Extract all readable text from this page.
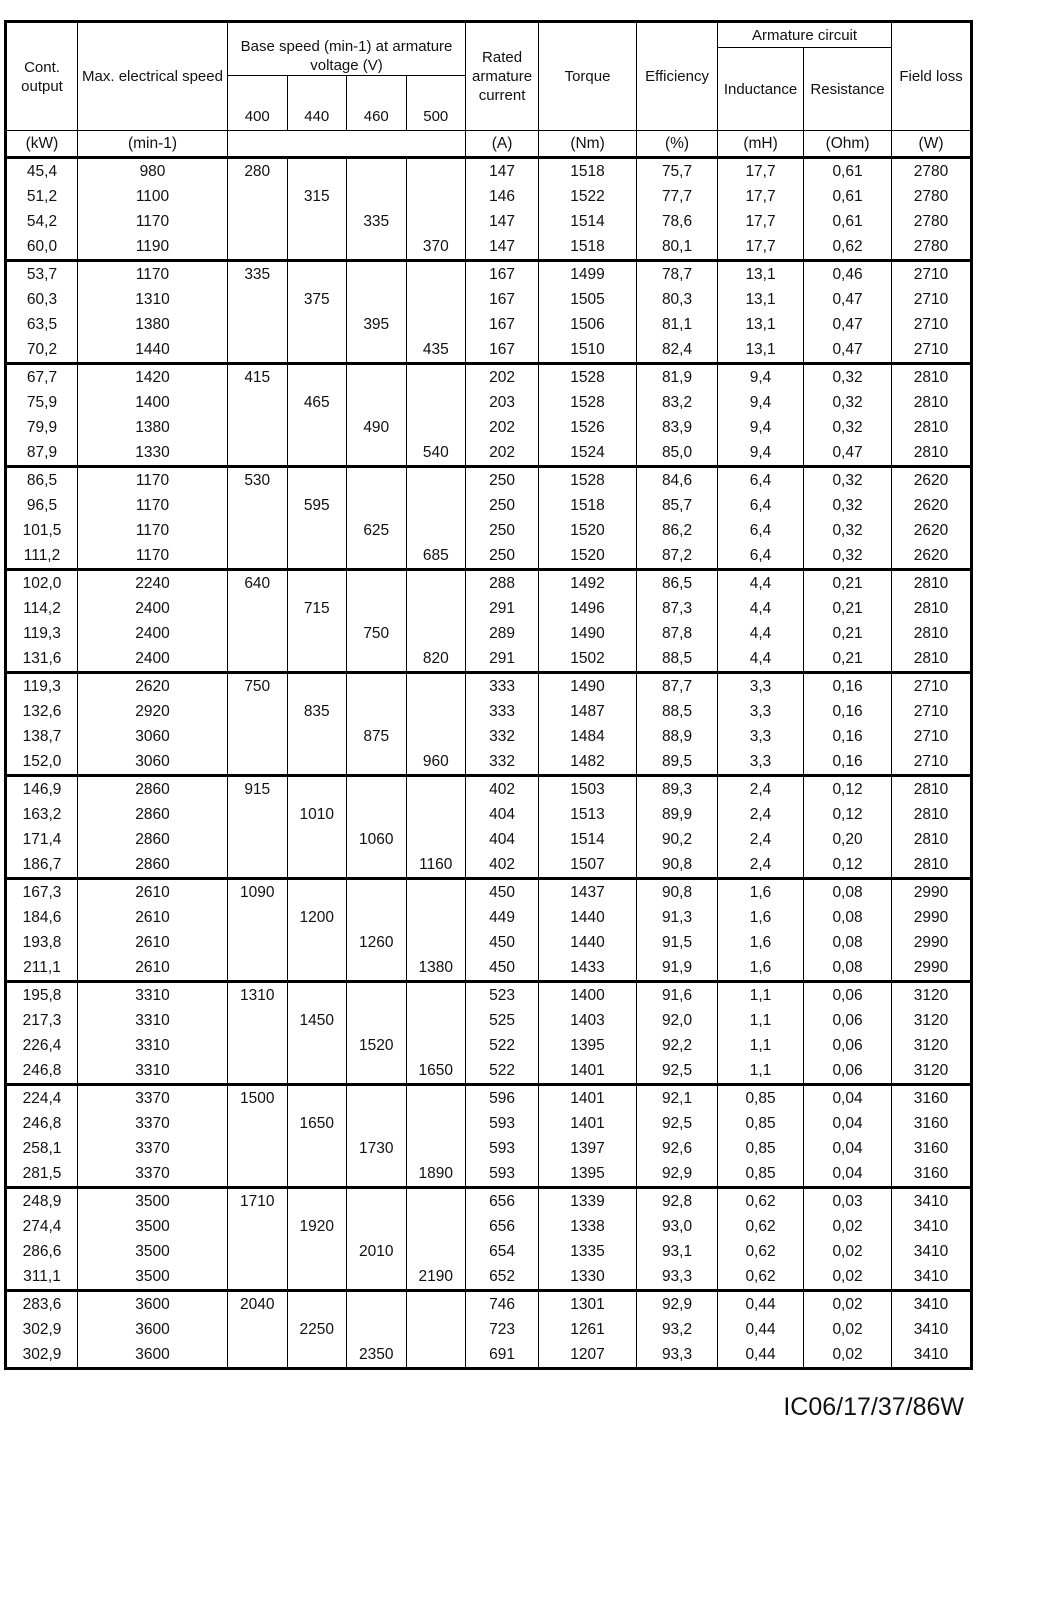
Cont. output	Max. electrical speed	Base speed (min-1) at armature voltage (V)				Rated armature current	Torque	Efficiency	Armature circuit		Field loss
									Inductance	Resistance	
		400	440	460	500						
(kW)	(min-1)					(A)	(Nm)	(%)	(mH)	(Ohm)	(W)
45,4	980	280				147	1518	75,7	17,7	0,61	2780
51,2	1100		315			146	1522	77,7	17,7	0,61	2780
54,2	1170			335		147	1514	78,6	17,7	0,61	2780
60,0	1190				370	147	1518	80,1	17,7	0,62	2780
53,7	1170	335				167	1499	78,7	13,1	0,46	2710
60,3	1310		375			167	1505	80,3	13,1	0,47	2710
63,5	1380			395		167	1506	81,1	13,1	0,47	2710
70,2	1440				435	167	1510	82,4	13,1	0,47	2710
67,7	1420	415				202	1528	81,9	9,4	0,32	2810
75,9	1400		465			203	1528	83,2	9,4	0,32	2810
79,9	1380			490		202	1526	83,9	9,4	0,32	2810
87,9	1330				540	202	1524	85,0	9,4	0,47	2810
86,5	1170	530				250	1528	84,6	6,4	0,32	2620
96,5	1170		595			250	1518	85,7	6,4	0,32	2620
101,5	1170			625		250	1520	86,2	6,4	0,32	2620
111,2	1170				685	250	1520	87,2	6,4	0,32	2620
102,0	2240	640				288	1492	86,5	4,4	0,21	2810
114,2	2400		715			291	1496	87,3	4,4	0,21	2810
119,3	2400			750		289	1490	87,8	4,4	0,21	2810
131,6	2400				820	291	1502	88,5	4,4	0,21	2810
119,3	2620	750				333	1490	87,7	3,3	0,16	2710
132,6	2920		835			333	1487	88,5	3,3	0,16	2710
138,7	3060			875		332	1484	88,9	3,3	0,16	2710
152,0	3060				960	332	1482	89,5	3,3	0,16	2710
146,9	2860	915				402	1503	89,3	2,4	0,12	2810
163,2	2860		1010			404	1513	89,9	2,4	0,12	2810
171,4	2860			1060		404	1514	90,2	2,4	0,20	2810
186,7	2860				1160	402	1507	90,8	2,4	0,12	2810
167,3	2610	1090				450	1437	90,8	1,6	0,08	2990
184,6	2610		1200			449	1440	91,3	1,6	0,08	2990
193,8	2610			1260		450	1440	91,5	1,6	0,08	2990
211,1	2610				1380	450	1433	91,9	1,6	0,08	2990
195,8	3310	1310				523	1400	91,6	1,1	0,06	3120
217,3	3310		1450			525	1403	92,0	1,1	0,06	3120
226,4	3310			1520		522	1395	92,2	1,1	0,06	3120
246,8	3310				1650	522	1401	92,5	1,1	0,06	3120
224,4	3370	1500				596	1401	92,1	0,85	0,04	3160
246,8	3370		1650			593	1401	92,5	0,85	0,04	3160
258,1	3370			1730		593	1397	92,6	0,85	0,04	3160
281,5	3370				1890	593	1395	92,9	0,85	0,04	3160
248,9	3500	1710				656	1339	92,8	0,62	0,03	3410
274,4	3500		1920			656	1338	93,0	0,62	0,02	3410
286,6	3500			2010		654	1335	93,1	0,62	0,02	3410
311,1	3500				2190	652	1330	93,3	0,62	0,02	3410
283,6	3600	2040				746	1301	92,9	0,44	0,02	3410
302,9	3600		2250			723	1261	93,2	0,44	0,02	3410
302,9	3600			2350		691	1207	93,3	0,44	0,02	3410
IC06/17/37/86W
